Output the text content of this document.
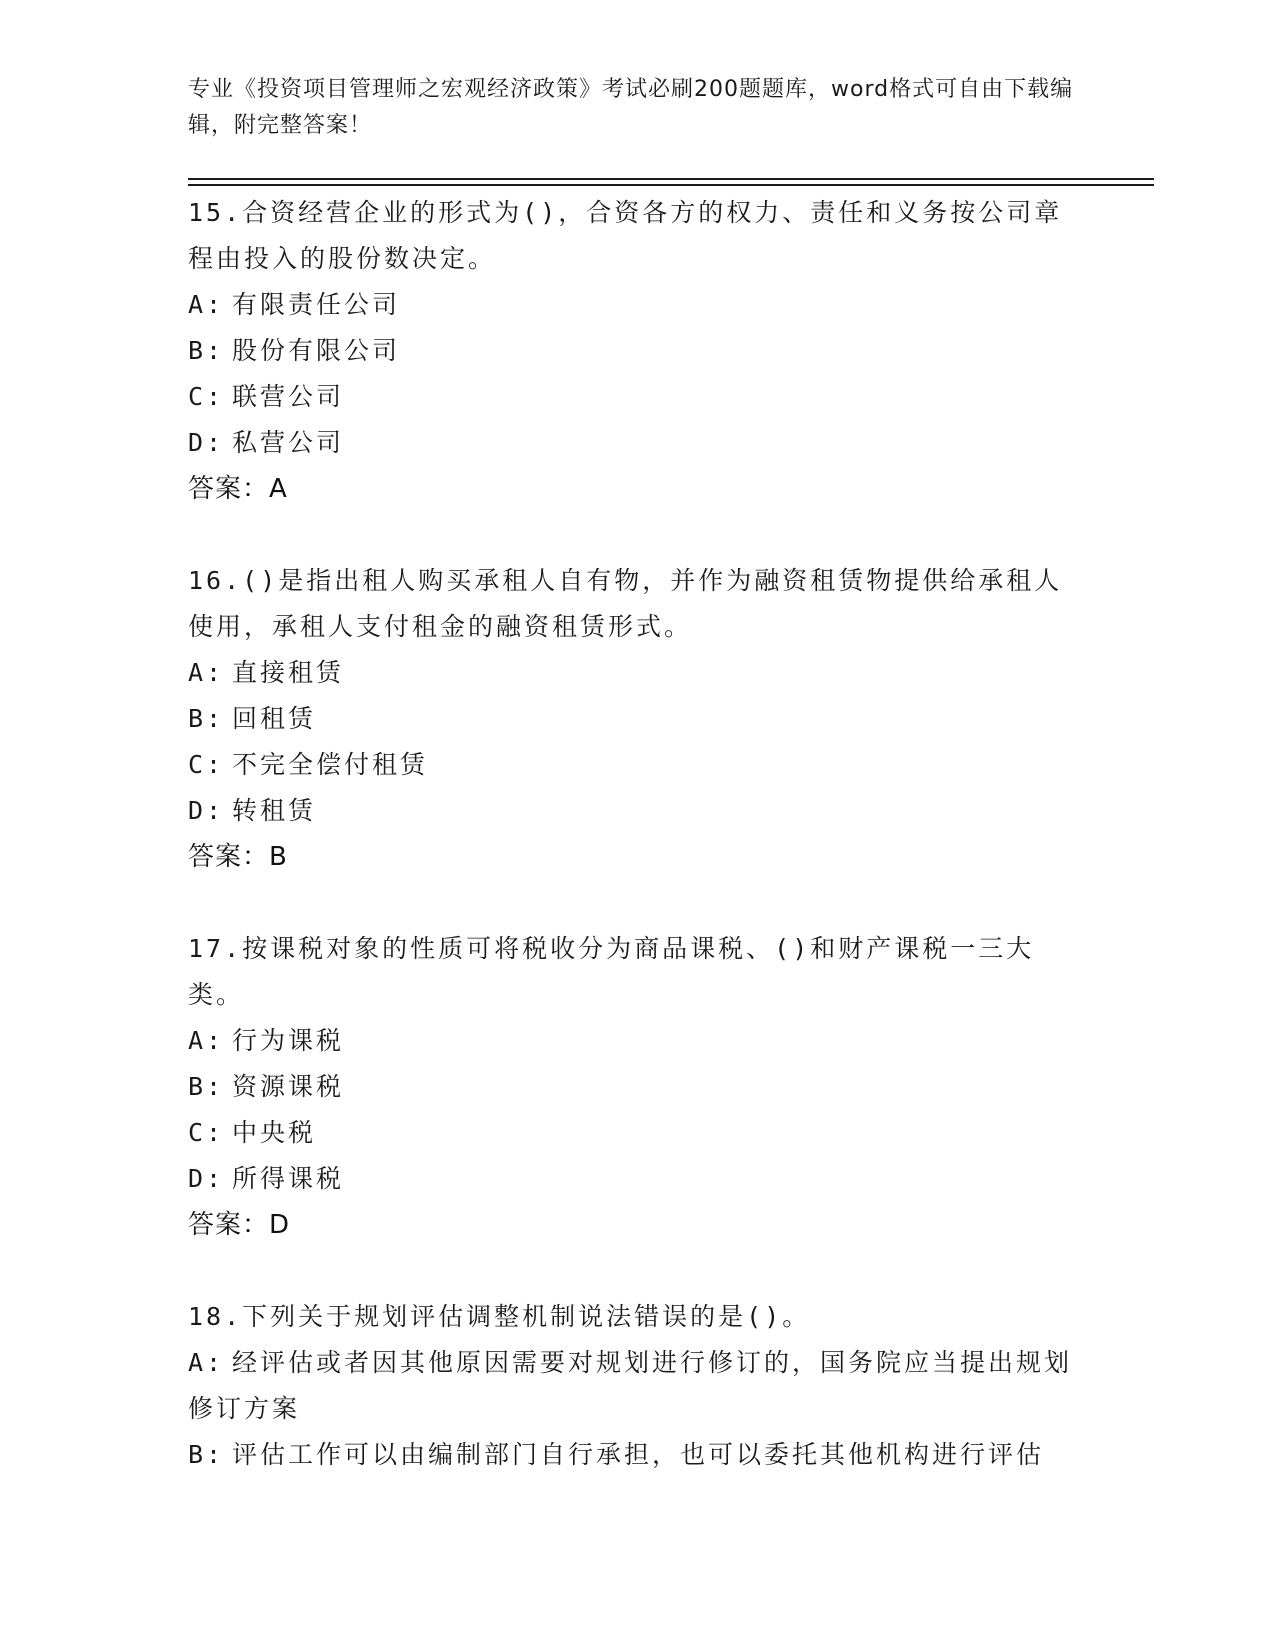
专业《投资项目管理师之宏观经济政策》考试必刷200题题库，word格式可自由下载编辑，附完整答案！
15.合资经营企业的形式为()，合资各方的权力、责任和义务按公司章程由投入的股份数决定。
A: 有限责任公司
B: 股份有限公司
C: 联营公司
D: 私营公司
答案：A
16.()是指出租人购买承租人自有物，并作为融资租赁物提供给承租人使用，承租人支付租金的融资租赁形式。
A: 直接租赁
B: 回租赁
C: 不完全偿付租赁
D: 转租赁
答案：B
17.按课税对象的性质可将税收分为商品课税、()和财产课税一三大类。
A: 行为课税
B: 资源课税
C: 中央税
D: 所得课税
答案：D
18.下列关于规划评估调整机制说法错误的是()。
A: 经评估或者因其他原因需要对规划进行修订的，国务院应当提出规划修订方案
B: 评估工作可以由编制部门自行承担，也可以委托其他机构进行评估
